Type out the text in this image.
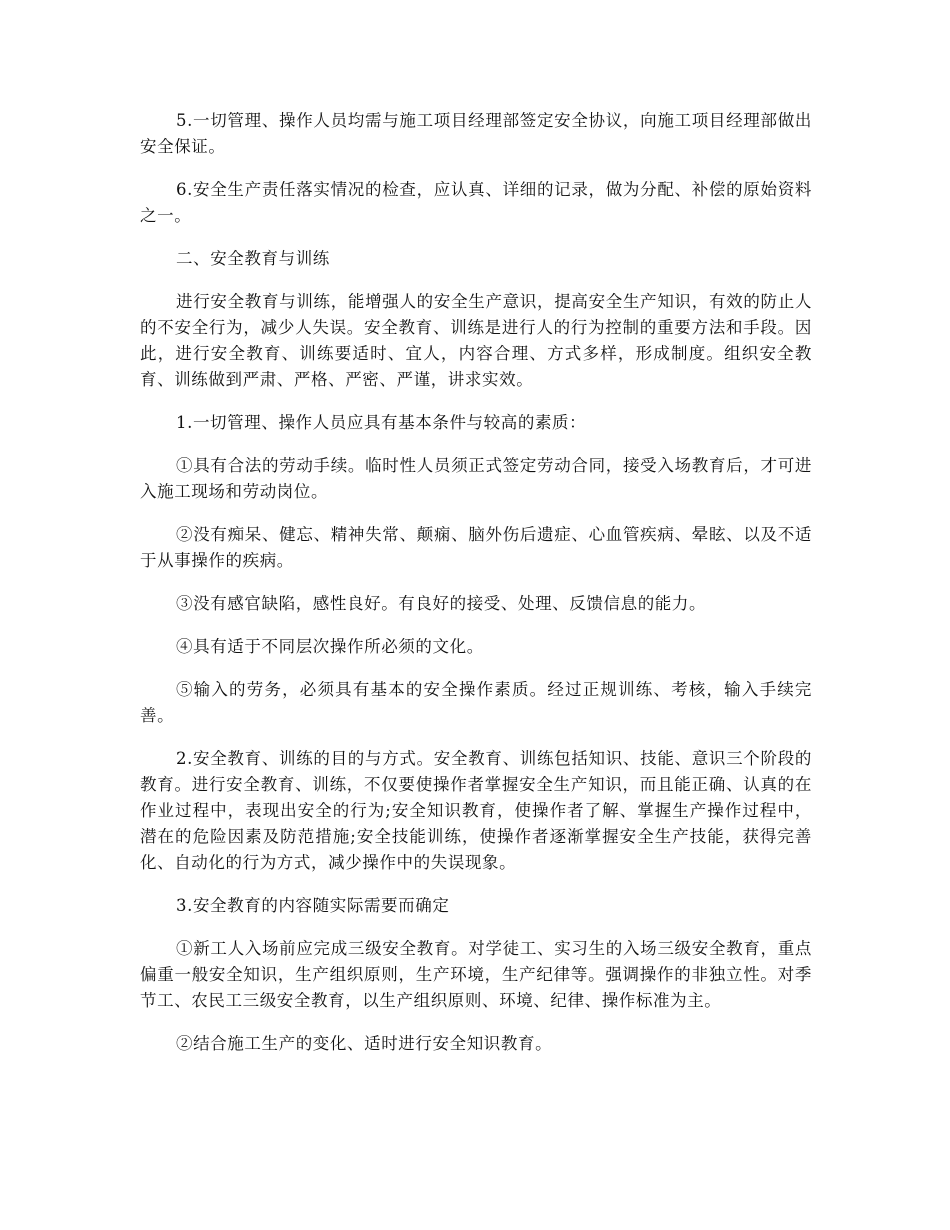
5.一切管理、操作人员均需与施工项目经理部签定安全协议，向施工项目经理部做出安全保证。

6.安全生产责任落实情况的检查，应认真、详细的记录，做为分配、补偿的原始资料之一。

二、安全教育与训练

进行安全教育与训练，能增强人的安全生产意识，提高安全生产知识，有效的防止人的不安全行为，减少人失误。安全教育、训练是进行人的行为控制的重要方法和手段。因此，进行安全教育、训练要适时、宜人，内容合理、方式多样，形成制度。组织安全教育、训练做到严肃、严格、严密、严谨，讲求实效。

1.一切管理、操作人员应具有基本条件与较高的素质：

①具有合法的劳动手续。临时性人员须正式签定劳动合同，接受入场教育后，才可进入施工现场和劳动岗位。

②没有痴呆、健忘、精神失常、颠痫、脑外伤后遗症、心血管疾病、晕眩、以及不适于从事操作的疾病。

③没有感官缺陷，感性良好。有良好的接受、处理、反馈信息的能力。

④具有适于不同层次操作所必须的文化。

⑤输入的劳务，必须具有基本的安全操作素质。经过正规训练、考核，输入手续完善。

2.安全教育、训练的目的与方式。安全教育、训练包括知识、技能、意识三个阶段的教育。进行安全教育、训练，不仅要使操作者掌握安全生产知识，而且能正确、认真的在作业过程中，表现出安全的行为;安全知识教育，使操作者了解、掌握生产操作过程中，潜在的危险因素及防范措施;安全技能训练，使操作者逐渐掌握安全生产技能，获得完善化、自动化的行为方式，减少操作中的失误现象。

3.安全教育的内容随实际需要而确定

①新工人入场前应完成三级安全教育。对学徒工、实习生的入场三级安全教育，重点偏重一般安全知识，生产组织原则，生产环境，生产纪律等。强调操作的非独立性。对季节工、农民工三级安全教育，以生产组织原则、环境、纪律、操作标准为主。

②结合施工生产的变化、适时进行安全知识教育。
